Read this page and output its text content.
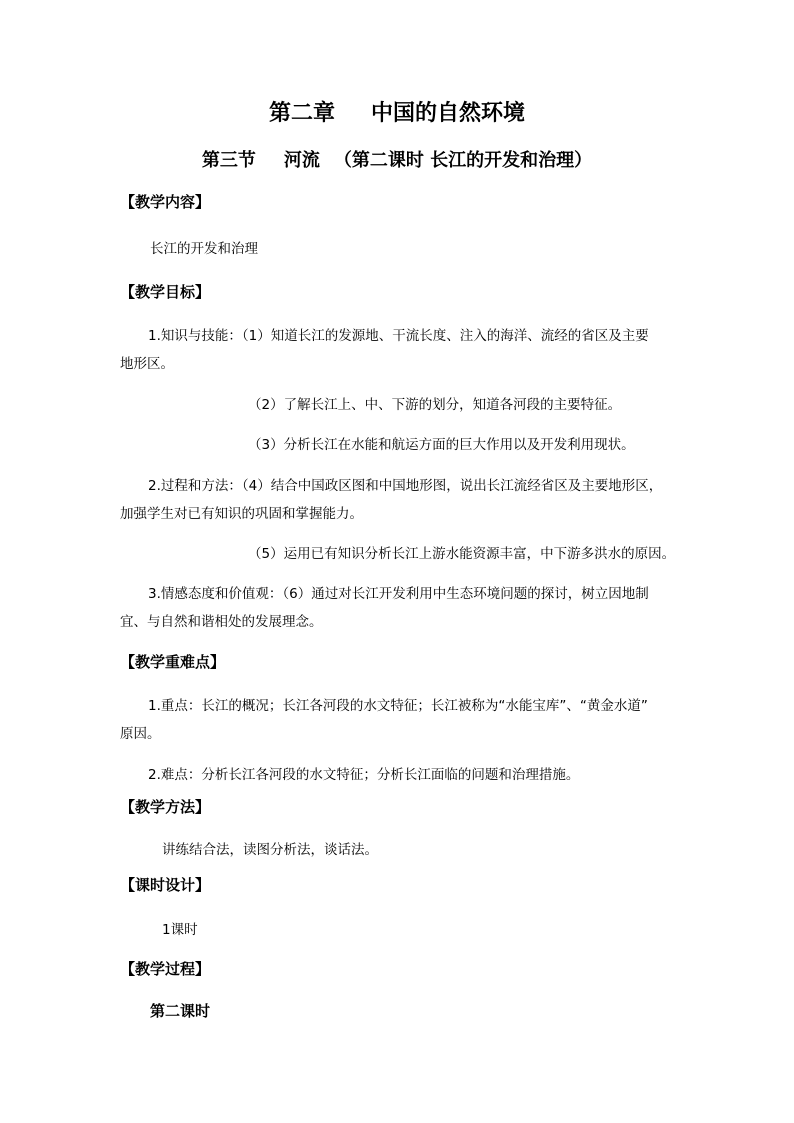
第二章 中国的自然环境
第三节 河流 （第二课时 长江的开发和治理）
【教学内容】
长江的开发和治理
【教学目标】
1.知识与技能：（1）知道长江的发源地、干流长度、注入的海洋、流经的省区及主要
地形区。
（2）了解长江上、中、下游的划分，知道各河段的主要特征。
（3）分析长江在水能和航运方面的巨大作用以及开发利用现状。
2.过程和方法：（4）结合中国政区图和中国地形图，说出长江流经省区及主要地形区，
加强学生对已有知识的巩固和掌握能力。
（5）运用已有知识分析长江上游水能资源丰富，中下游多洪水的原因。
3.情感态度和价值观：（6）通过对长江开发利用中生态环境问题的探讨，树立因地制
宜、与自然和谐相处的发展理念。
【教学重难点】
1.重点：长江的概况；长江各河段的水文特征；长江被称为“水能宝库”、“黄金水道”
原因。
2.难点：分析长江各河段的水文特征；分析长江面临的问题和治理措施。
【教学方法】
讲练结合法，读图分析法，谈话法。
【课时设计】
1课时
【教学过程】
第二课时
